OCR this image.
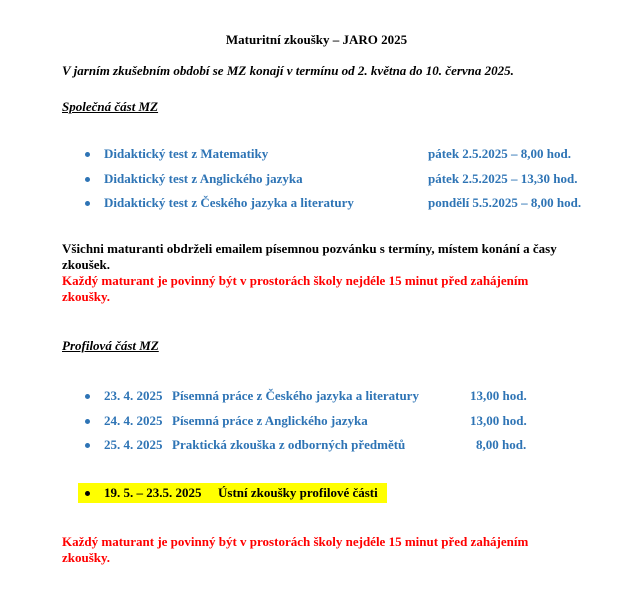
Maturitní zkoušky – JARO 2025
V jarním zkušebním období se MZ konají v termínu od 2. května do 10. června 2025.
Společná část MZ
Didaktický test z Matematiky	pátek 2.5.2025 – 8,00 hod.
Didaktický test z Anglického jazyka	pátek 2.5.2025 – 13,30 hod.
Didaktický test z Českého jazyka a literatury	pondělí 5.5.2025 – 8,00 hod.
Všichni maturanti obdrželi emailem písemnou pozvánku s termíny, místem konání a časy
zkoušek.
Každý maturant je povinný být v prostorách školy nejdéle 15 minut před zahájením
zkoušky.
Profilová část MZ
23. 4. 2025 Písemná práce z Českého jazyka a literatury	13,00 hod.
24. 4. 2025 Písemná práce z Anglického jazyka	13,00 hod.
25. 4. 2025 Praktická zkouška z odborných předmětů	8,00 hod.
19. 5. – 23.5. 2025 Ústní zkoušky profilové části
Každý maturant je povinný být v prostorách školy nejdéle 15 minut před zahájením
zkoušky.
